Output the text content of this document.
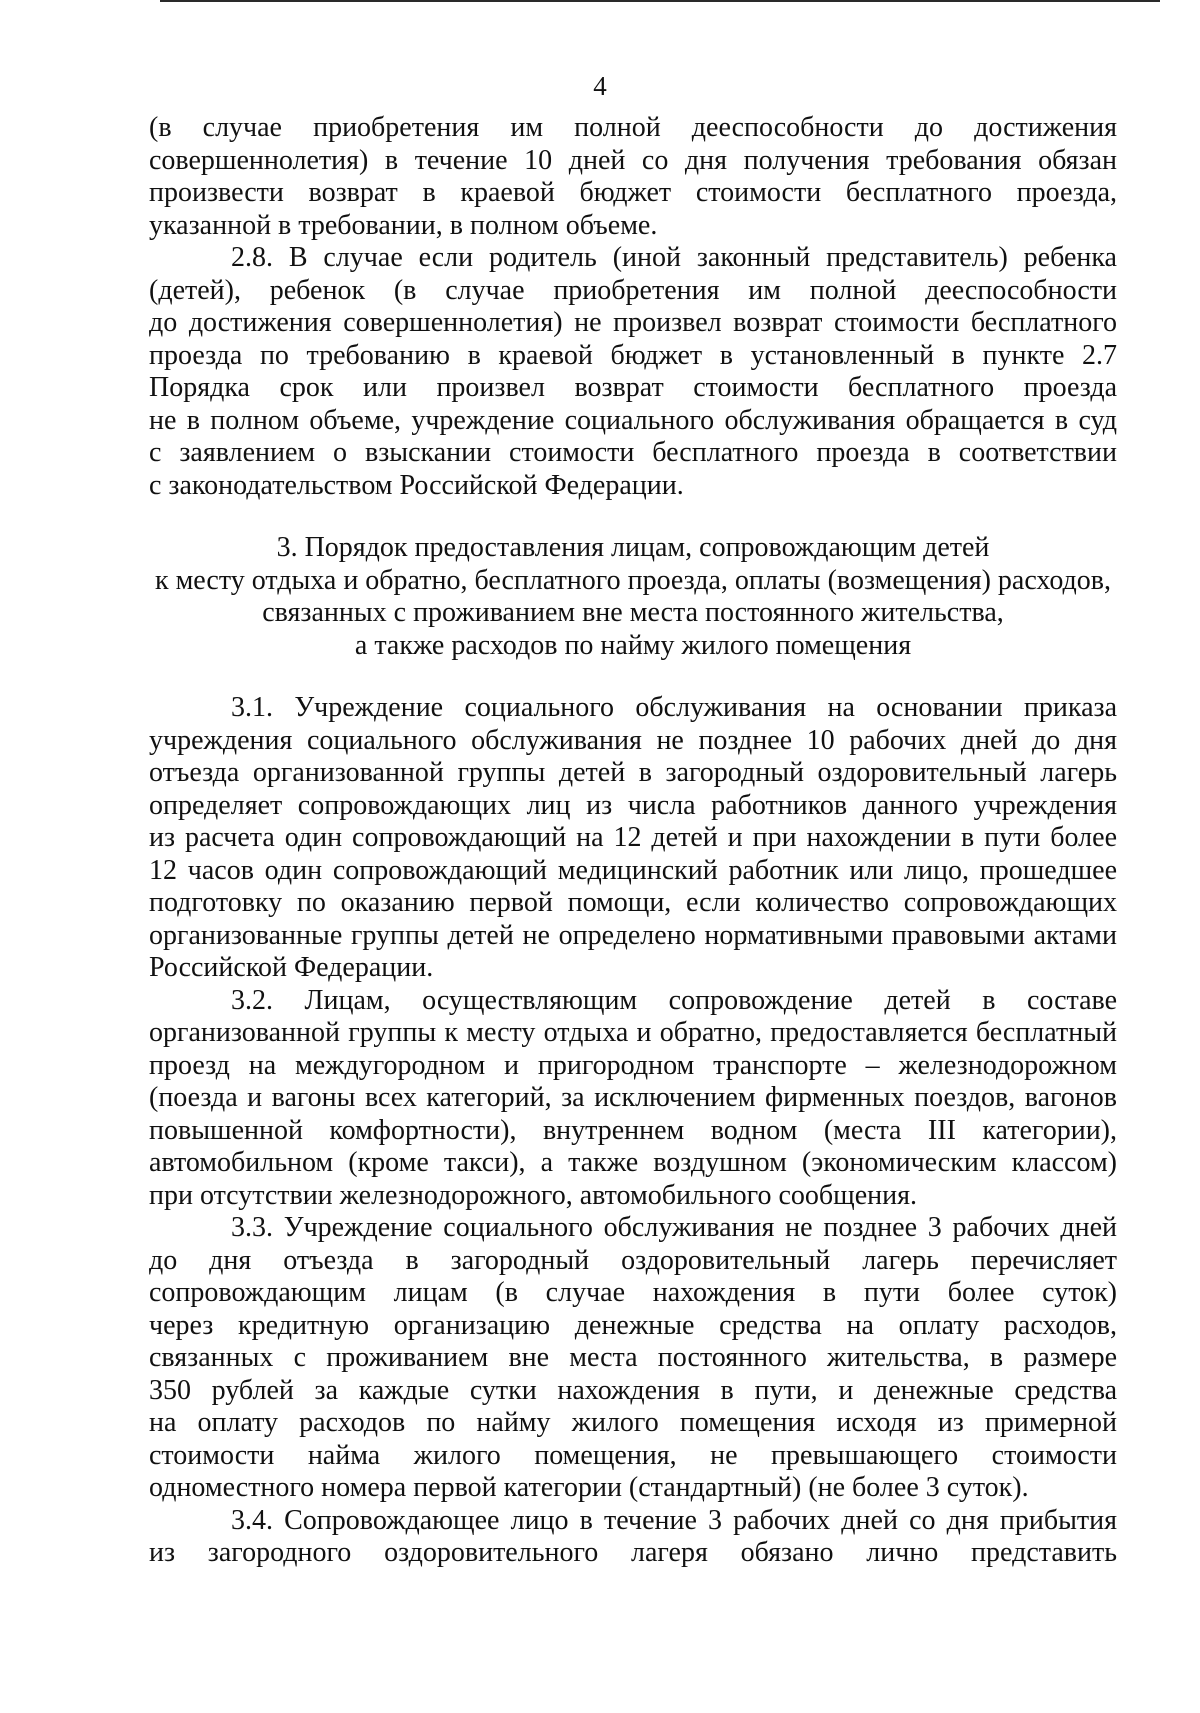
4
(в случае приобретения им полной дееспособности до достижения
совершеннолетия) в течение 10 дней со дня получения требования обязан
произвести возврат в краевой бюджет стоимости бесплатного проезда,
указанной в требовании, в полном объеме.
2.8. В случае если родитель (иной законный представитель) ребенка
(детей), ребенок (в случае приобретения им полной дееспособности
до достижения совершеннолетия) не произвел возврат стоимости бесплатного
проезда по требованию в краевой бюджет в установленный в пункте 2.7
Порядка срок или произвел возврат стоимости бесплатного проезда
не в полном объеме, учреждение социального обслуживания обращается в суд
с заявлением о взыскании стоимости бесплатного проезда в соответствии
с законодательством Российской Федерации.
3. Порядок предоставления лицам, сопровождающим детей
к месту отдыха и обратно, бесплатного проезда, оплаты (возмещения) расходов,
связанных с проживанием вне места постоянного жительства,
а также расходов по найму жилого помещения
3.1. Учреждение социального обслуживания на основании приказа
учреждения социального обслуживания не позднее 10 рабочих дней до дня
отъезда организованной группы детей в загородный оздоровительный лагерь
определяет сопровождающих лиц из числа работников данного учреждения
из расчета один сопровождающий на 12 детей и при нахождении в пути более
12 часов один сопровождающий медицинский работник или лицо, прошедшее
подготовку по оказанию первой помощи, если количество сопровождающих
организованные группы детей не определено нормативными правовыми актами
Российской Федерации.
3.2. Лицам, осуществляющим сопровождение детей в составе
организованной группы к месту отдыха и обратно, предоставляется бесплатный
проезд на междугородном и пригородном транспорте – железнодорожном
(поезда и вагоны всех категорий, за исключением фирменных поездов, вагонов
повышенной комфортности), внутреннем водном (места III категории),
автомобильном (кроме такси), а также воздушном (экономическим классом)
при отсутствии железнодорожного, автомобильного сообщения.
3.3. Учреждение социального обслуживания не позднее 3 рабочих дней
до дня отъезда в загородный оздоровительный лагерь перечисляет
сопровождающим лицам (в случае нахождения в пути более суток)
через кредитную организацию денежные средства на оплату расходов,
связанных с проживанием вне места постоянного жительства, в размере
350 рублей за каждые сутки нахождения в пути, и денежные средства
на оплату расходов по найму жилого помещения исходя из примерной
стоимости найма жилого помещения, не превышающего стоимости
одноместного номера первой категории (стандартный) (не более 3 суток).
3.4. Сопровождающее лицо в течение 3 рабочих дней со дня прибытия
из загородного оздоровительного лагеря обязано лично представить
